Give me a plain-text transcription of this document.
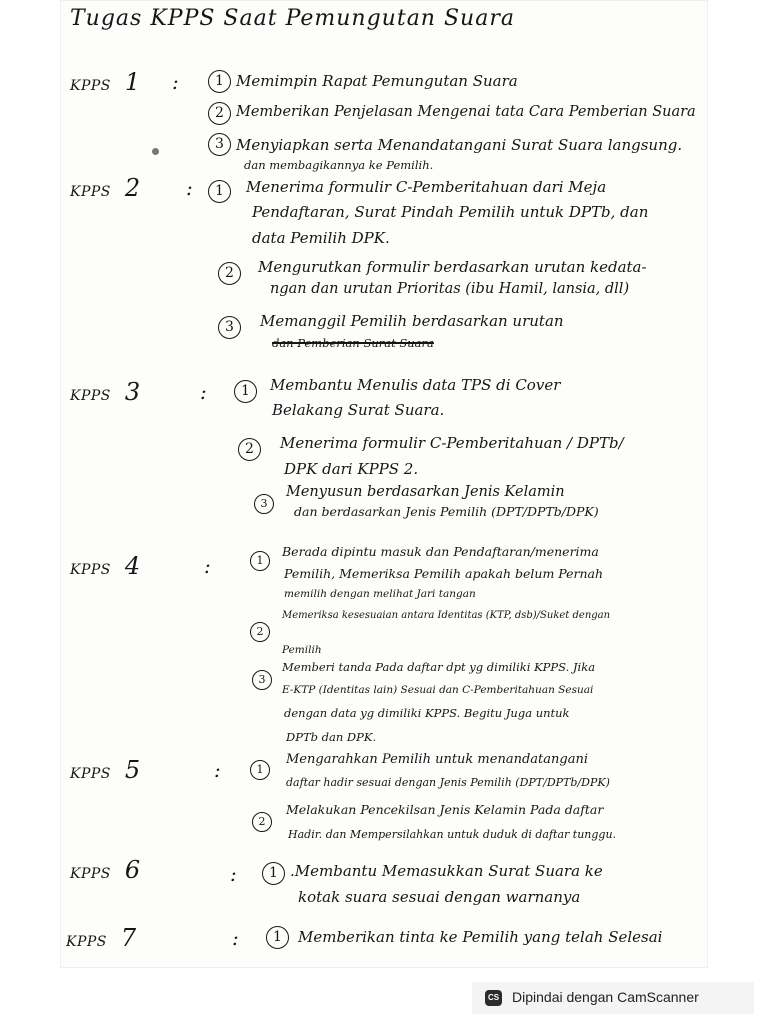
Tugas KPPS Saat Pemungutan Suara
KPPS 1 :	1 Memimpin Rapat Pemungutan Suara
2 Memberikan Penjelasan Mengenai tata Cara Pemberian Suara
3 Menyiapkan serta Menandatangani Surat Suara langsung.
dan membagikannya ke Pemilih.
KPPS 2 :	1	Menerima formulir C-Pemberitahuan dari Meja
Pendaftaran, Surat Pindah Pemilih untuk DPTb, dan
data Pemilih DPK.
2	Mengurutkan formulir berdasarkan urutan kedata-
ngan dan urutan Prioritas (ibu Hamil, lansia, dll)
3	Memanggil Pemilih berdasarkan urutan
dan Pemberian Surat Suara
KPPS 3	:	1	Membantu Menulis data TPS di Cover
Belakang Surat Suara.
2	Menerima formulir C-Pemberitahuan / DPTb/
DPK dari KPPS 2.
3
Menyusun berdasarkan Jenis Kelamin
dan berdasarkan Jenis Pemilih (DPT/DPTb/DPK)
KPPS 4	:	1
Berada dipintu masuk dan Pendaftaran/menerima
Pemilih, Memeriksa Pemilih apakah belum Pernah
memilih dengan melihat Jari tangan
2
Memeriksa kesesuaian antara Identitas (KTP, dsb)/Suket dengan
Pemilih
3
Memberi tanda Pada daftar dpt yg dimiliki KPPS. Jika
E-KTP (Identitas lain) Sesuai dan C-Pemberitahuan Sesuai
dengan data yg dimiliki KPPS. Begitu Juga untuk
DPTb dan DPK.
KPPS 5	:	1
Mengarahkan Pemilih untuk menandatangani
daftar hadir sesuai dengan Jenis Pemilih (DPT/DPTb/DPK)
2
Melakukan Pencekilsan Jenis Kelamin Pada daftar
Hadir. dan Mempersilahkan untuk duduk di daftar tunggu.
KPPS 6	:	1 .Membantu Memasukkan Surat Suara ke
kotak suara sesuai dengan warnanya
KPPS 7	:	1	Memberikan tinta ke Pemilih yang telah Selesai
CS Dipindai dengan CamScanner
